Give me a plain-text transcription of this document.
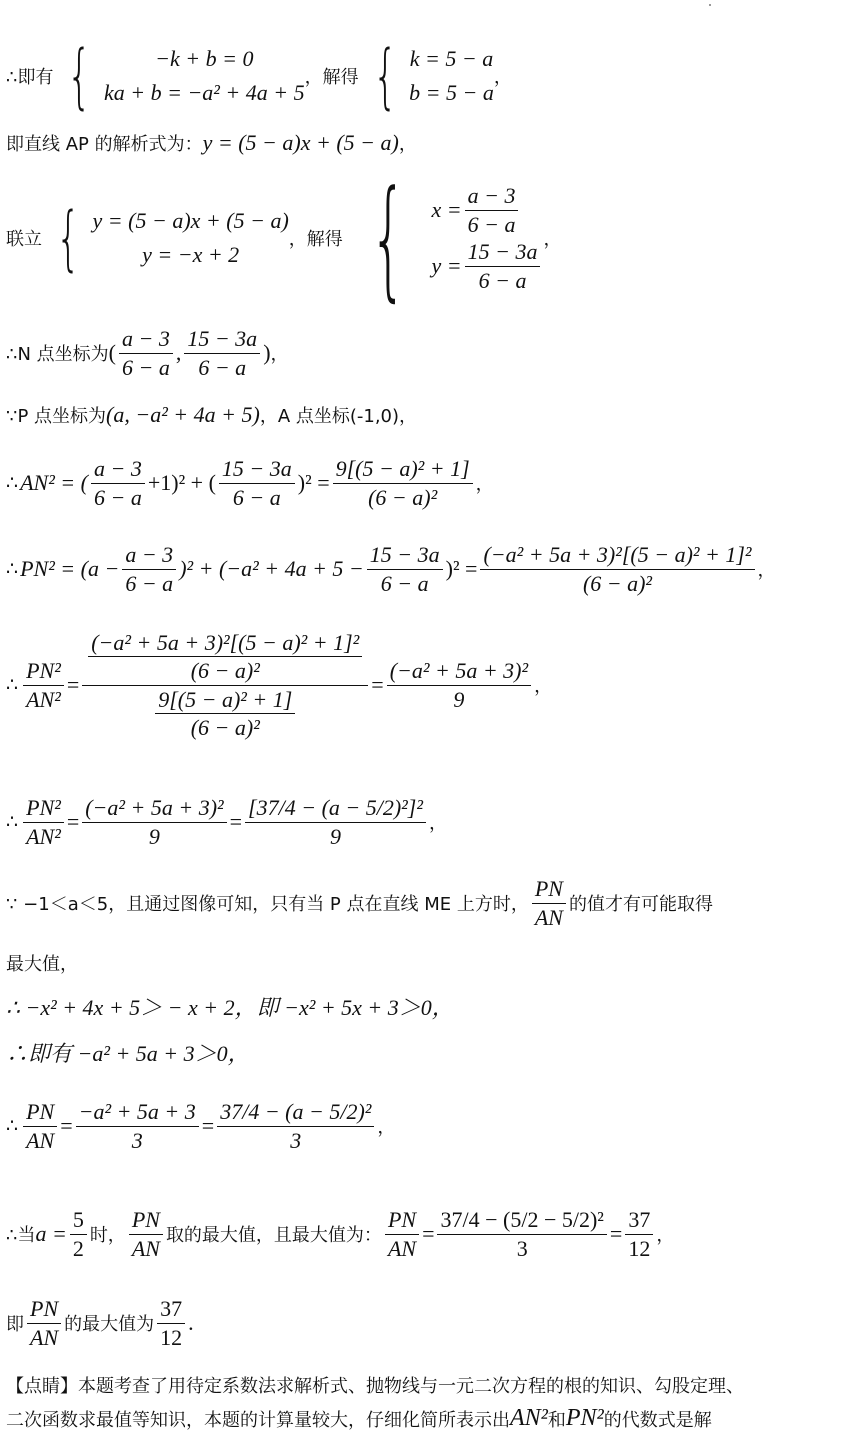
∴即有 {	−k + b = 0
ka + b = −a² + 4a + 5
，解得 { k = 5 − a
b = 5 − a
，
即直线 AP 的解析式为： y = (5 − a)x + (5 − a) ，
联立 { y = (5 − a)x + (5 − a)
y = −x + 2
，解得 { $x = \frac{a - 3}{6 - a}$
$y = \frac{15 - 3a}{6 - a}$ ，
∴N 点坐标为 ( $\frac{a - 3}{6 - a}$ , $\frac{15 - 3a}{6 - a}$ ) ，
∵P 点坐标为 (a, −a² + 4a + 5) ，A 点坐标(-1,0)，
∴ AN² = ( $\frac{a - 3}{6 - a} +1)^2$ + ( $\frac{15 - 3a}{6 - a} )^2 = \frac{\text{9[(5 − a)² + 1]}}{\text{(6 − a)²}}$ ，
∴ $PN^2 = (a - \frac{a - 3}{6 - a} )^2 + (-a^2 + 4a + 5 - \frac{15 - 3a}{6 - a} )^2 = \frac{\text{(−a² + 5a + 3)²[(5 − a)² + 1]²}}{\text{(6 − a)²}}$ ，
∴ $\frac{\text{PN²}}{\text{AN²}} = \frac{\frac{\text{(−a² + 5a + 3)²[(5 − a)² + 1]²}}{\text{(6 − a)²}}}{\frac{\text{9[(5 − a)² + 1]}}{\text{(6 − a)²}}} = \frac{\text{(−a² + 5a + 3)²}}{9}$ ，
∴ $\frac{\text{PN²}}{\text{AN²}} = \frac{\text{(−a² + 5a + 3)²}}{9} = \frac{\text{[37/4 − (a − 5/2)²]²}}{9}$ ，
∵ −1＜a＜5，且通过图像可知，只有当 P 点在直线 ME 上方时， $\frac{PN}{AN}$ 的值才有可能取得
最大值，
∴ −x² + 4x + 5＞ − x + 2，即 −x² + 5x + 3＞0，
∴即有 −a² + 5a + 3＞0，
∴ $\frac{PN}{AN} = \frac{\text{−a² + 5a + 3}}{3} = \frac{\text{37/4 − (a − 5/2)²}}{3}$ ，
∴当 $a = \frac{5}{2}$ 时， $\frac{PN}{AN}$ 取的最大值，且最大值为： $\frac{PN}{AN} = \frac{\text{37/4 − (5/2 − 5/2)²}}{3} = \frac{37}{12}$ ，
即 $\frac{PN}{AN}$ 的最大值为 $\frac{37}{12}$ .
【点睛】本题考查了用待定系数法求解析式、抛物线与一元二次方程的根的知识、勾股定理、
二次函数求最值等知识，本题的计算量较大，仔细化简所表示出 AN² 和 PN² 的代数式是解
